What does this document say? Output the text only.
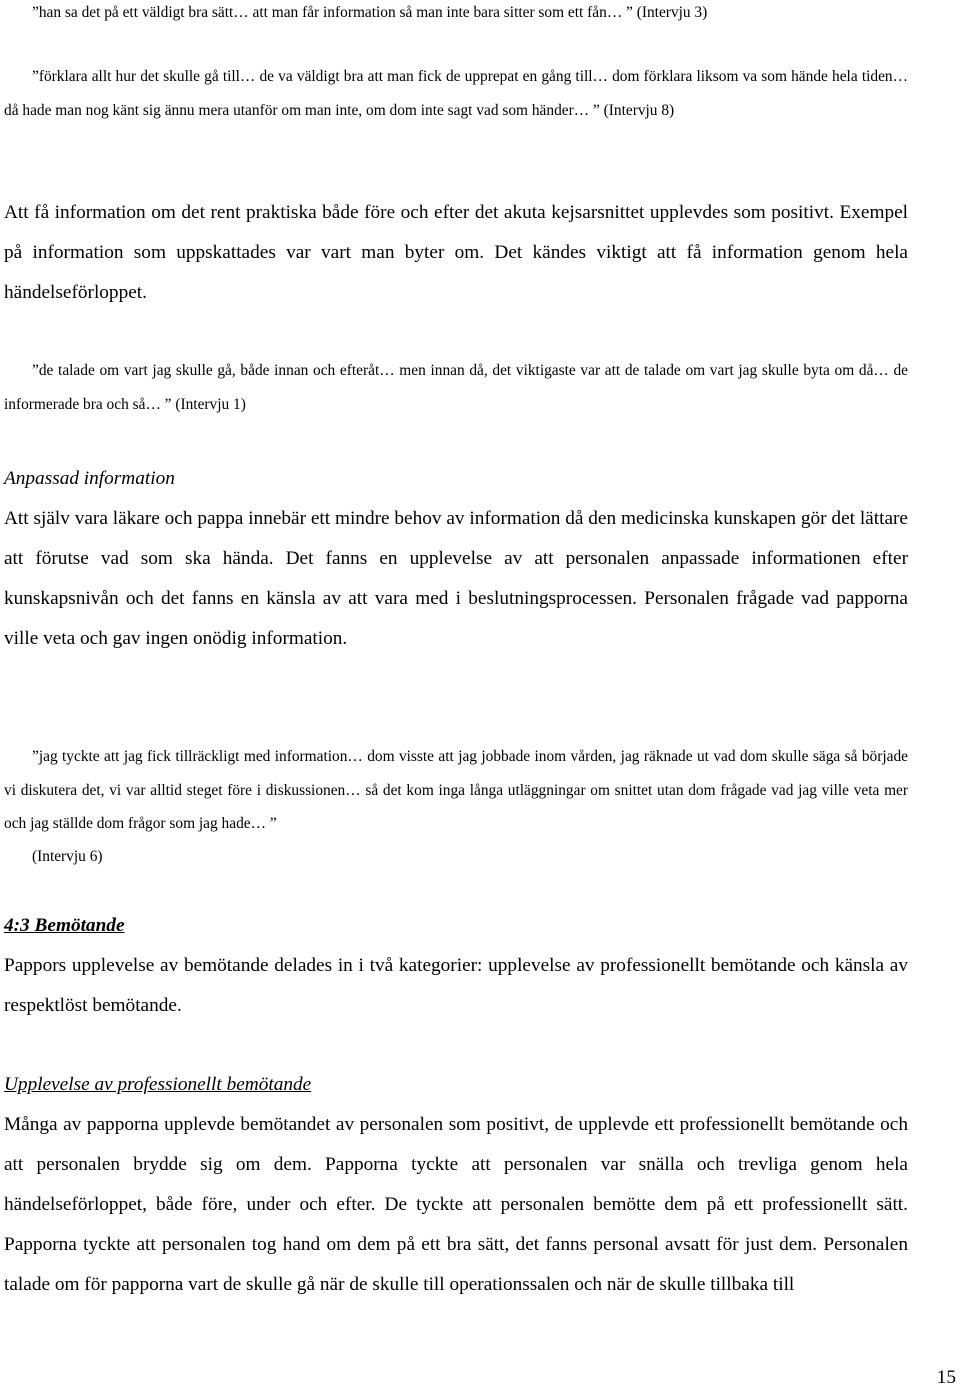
”han sa det på ett väldigt bra sätt… att man får information så man inte bara sitter som ett fån… ” (Intervju 3)

”förklara allt hur det skulle gå till… de va väldigt bra att man fick de upprepat en gång till… dom förklara liksom va som hände hela tiden… då hade man nog känt sig ännu mera utanför om man inte, om dom inte sagt vad som händer… ” (Intervju 8)

Att få information om det rent praktiska både före och efter det akuta kejsarsnittet upplevdes som positivt. Exempel på information som uppskattades var vart man byter om. Det kändes viktigt att få information genom hela händelseförloppet.

”de talade om vart jag skulle gå, både innan och efteråt… men innan då, det viktigaste var att de talade om vart jag skulle byta om då… de informerade bra och så… ” (Intervju 1)

Anpassad information

Att själv vara läkare och pappa innebär ett mindre behov av information då den medicinska kunskapen gör det lättare att förutse vad som ska hända. Det fanns en upplevelse av att personalen anpassade informationen efter kunskapsnivån och det fanns en känsla av att vara med i beslutningsprocessen. Personalen frågade vad papporna ville veta och gav ingen onödig information.

”jag tyckte att jag fick tillräckligt med information… dom visste att jag jobbade inom vården, jag räknade ut vad dom skulle säga så började vi diskutera det, vi var alltid steget före i diskussionen… så det kom inga långa utläggningar om snittet utan dom frågade vad jag ville veta mer och jag ställde dom frågor som jag hade… ”

(Intervju 6)

4:3 Bemötande

Pappors upplevelse av bemötande delades in i två kategorier: upplevelse av professionellt bemötande och känsla av respektlöst bemötande.

Upplevelse av professionellt bemötande

Många av papporna upplevde bemötandet av personalen som positivt, de upplevde ett professionellt bemötande och att personalen brydde sig om dem. Papporna tyckte att personalen var snälla och trevliga genom hela händelseförloppet, både före, under och efter. De tyckte att personalen bemötte dem på ett professionellt sätt. Papporna tyckte att personalen tog hand om dem på ett bra sätt, det fanns personal avsatt för just dem. Personalen talade om för papporna vart de skulle gå när de skulle till operationssalen och när de skulle tillbaka till

15
